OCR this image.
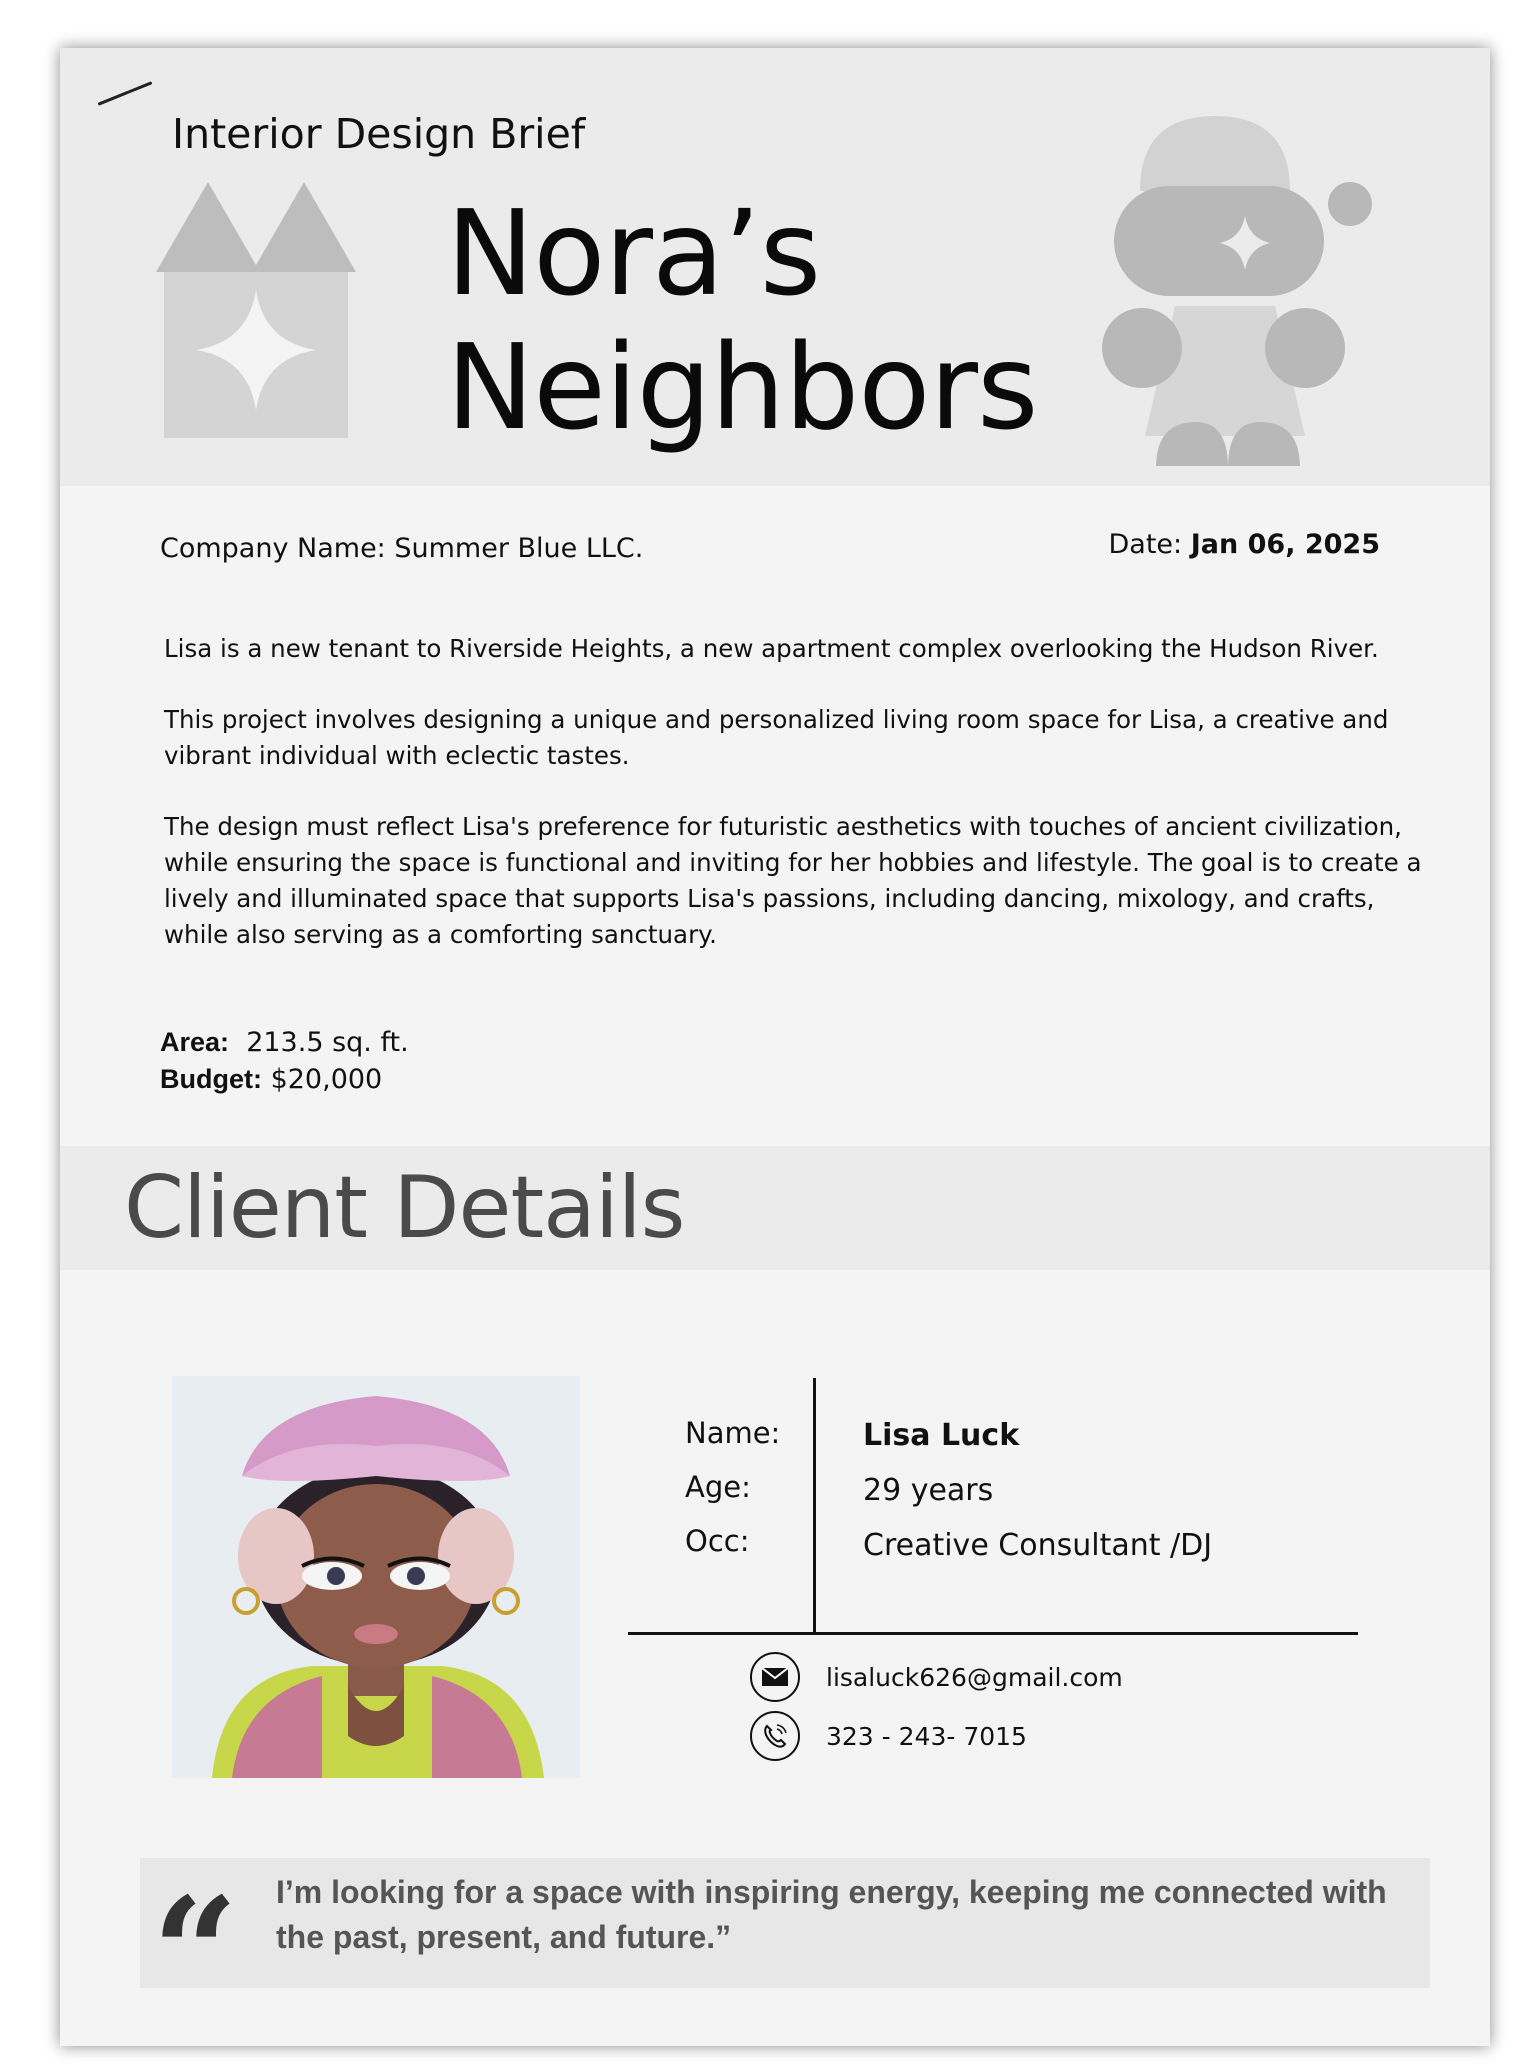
Interior Design Brief
Nora’s
Neighbors
Company Name: Summer Blue LLC.	Date: Jan 06, 2025
Lisa is a new tenant to Riverside Heights, a new apartment complex overlooking the Hudson River.
This project involves designing a unique and personalized living room space for Lisa, a creative and vibrant individual with eclectic tastes.
The design must reflect Lisa's preference for futuristic aesthetics with touches of ancient civilization, while ensuring the space is functional and inviting for her hobbies and lifestyle. The goal is to create a lively and illuminated space that supports Lisa's passions, including dancing, mixology, and crafts, while also serving as a comforting sanctuary.
Area: 213.5 sq. ft.
Budget: $20,000
Client Details
Name:
Age:
Occ:
Lisa Luck
29 years
Creative Consultant /DJ
lisaluck626@gmail.com
323 - 243- 7015
“ I’m looking for a space with inspiring energy, keeping me connected with the past, present, and future.”
